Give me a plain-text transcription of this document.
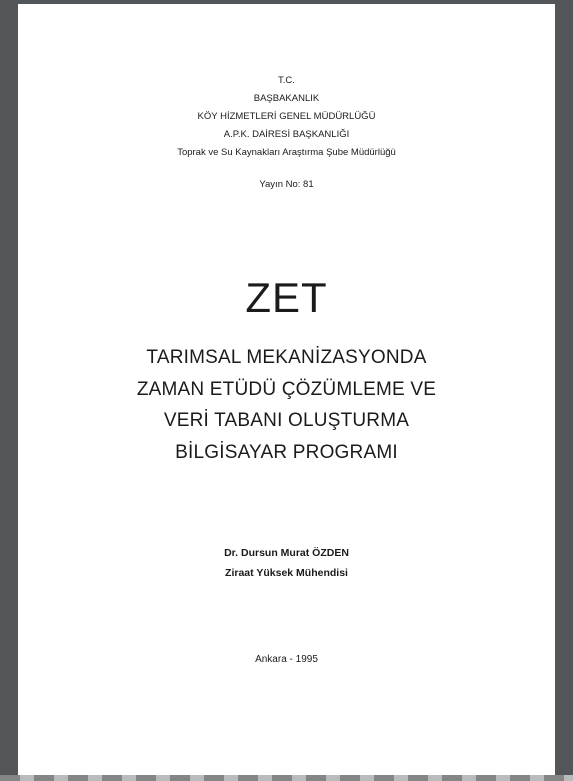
T.C.
BAŞBAKANLIK
KÖY HİZMETLERİ GENEL MÜDÜRLÜĞÜ
A.P.K. DAİRESİ BAŞKANLIĞI
Toprak ve Su Kaynakları Araştırma Şube Müdürlüğü
Yayın No: 81
ZET
TARIMSAL MEKANİZASYONDA
ZAMAN ETÜDÜ ÇÖZÜMLEME VE
VERİ TABANI OLUŞTURMA
BİLGİSAYAR PROGRAMI
Dr. Dursun Murat ÖZDEN
Ziraat Yüksek Mühendisi
Ankara - 1995
